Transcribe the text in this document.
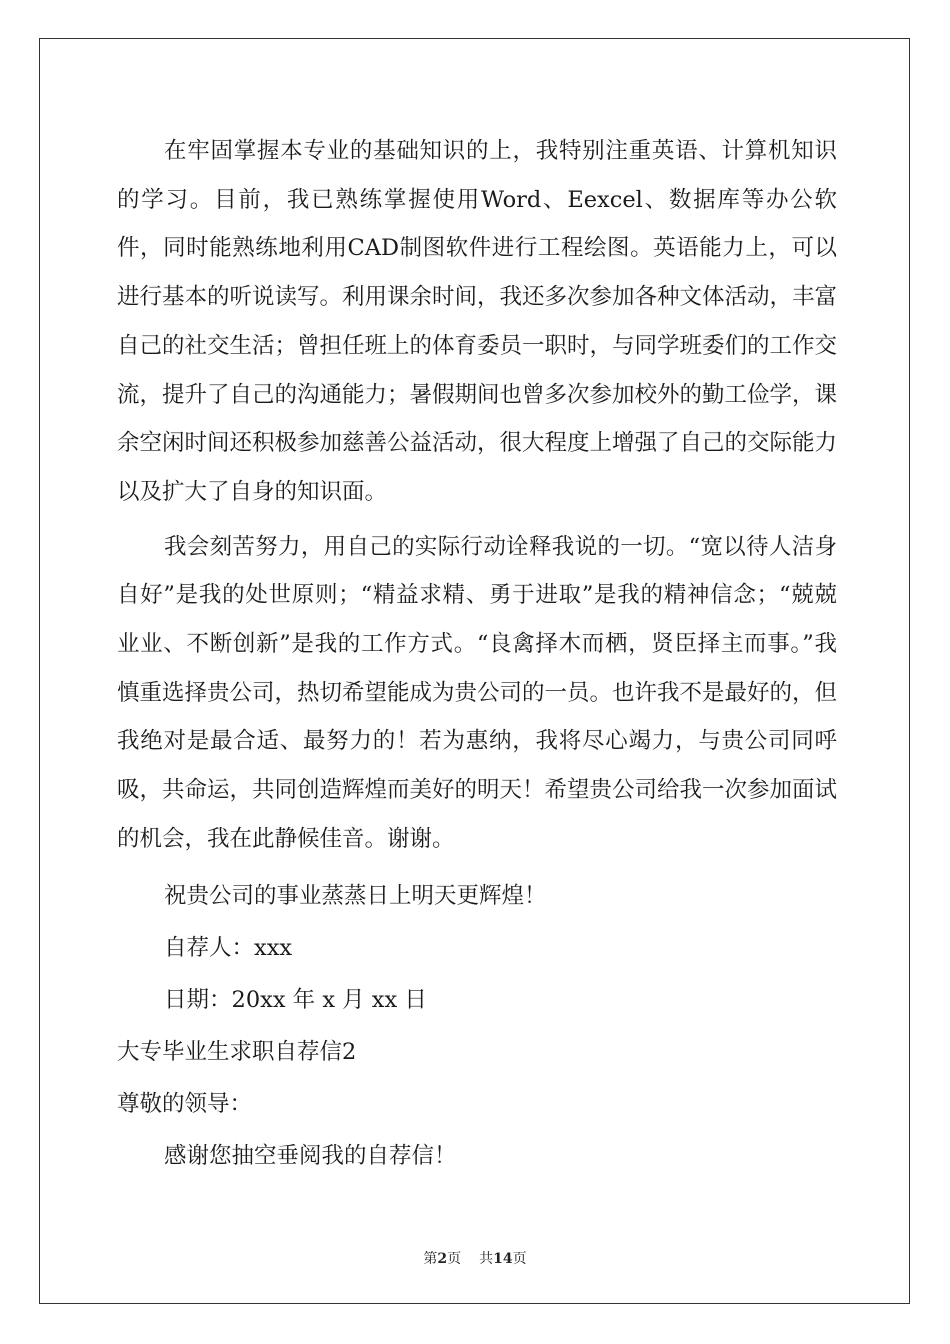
在牢固掌握本专业的基础知识的上，我特别注重英语、计算机知识的学习。目前，我已熟练掌握使用Word、Eexcel、数据库等办公软件，同时能熟练地利用CAD制图软件进行工程绘图。英语能力上，可以进行基本的听说读写。利用课余时间，我还多次参加各种文体活动，丰富自己的社交生活；曾担任班上的体育委员一职时，与同学班委们的工作交流，提升了自己的沟通能力；暑假期间也曾多次参加校外的勤工俭学，课余空闲时间还积极参加慈善公益活动，很大程度上增强了自己的交际能力以及扩大了自身的知识面。

我会刻苦努力，用自己的实际行动诠释我说的一切。“宽以待人洁身自好”是我的处世原则；“精益求精、勇于进取”是我的精神信念；“兢兢业业、不断创新”是我的工作方式。“良禽择木而栖，贤臣择主而事。”我慎重选择贵公司，热切希望能成为贵公司的一员。也许我不是最好的，但我绝对是最合适、最努力的！若为惠纳，我将尽心竭力，与贵公司同呼吸，共命运，共同创造辉煌而美好的明天！希望贵公司给我一次参加面试的机会，我在此静候佳音。谢谢。

祝贵公司的事业蒸蒸日上明天更辉煌！

自荐人：xxx

日期：20xx 年 x 月 xx 日

大专毕业生求职自荐信2

尊敬的领导：

感谢您抽空垂阅我的自荐信！

第2页 共14页
